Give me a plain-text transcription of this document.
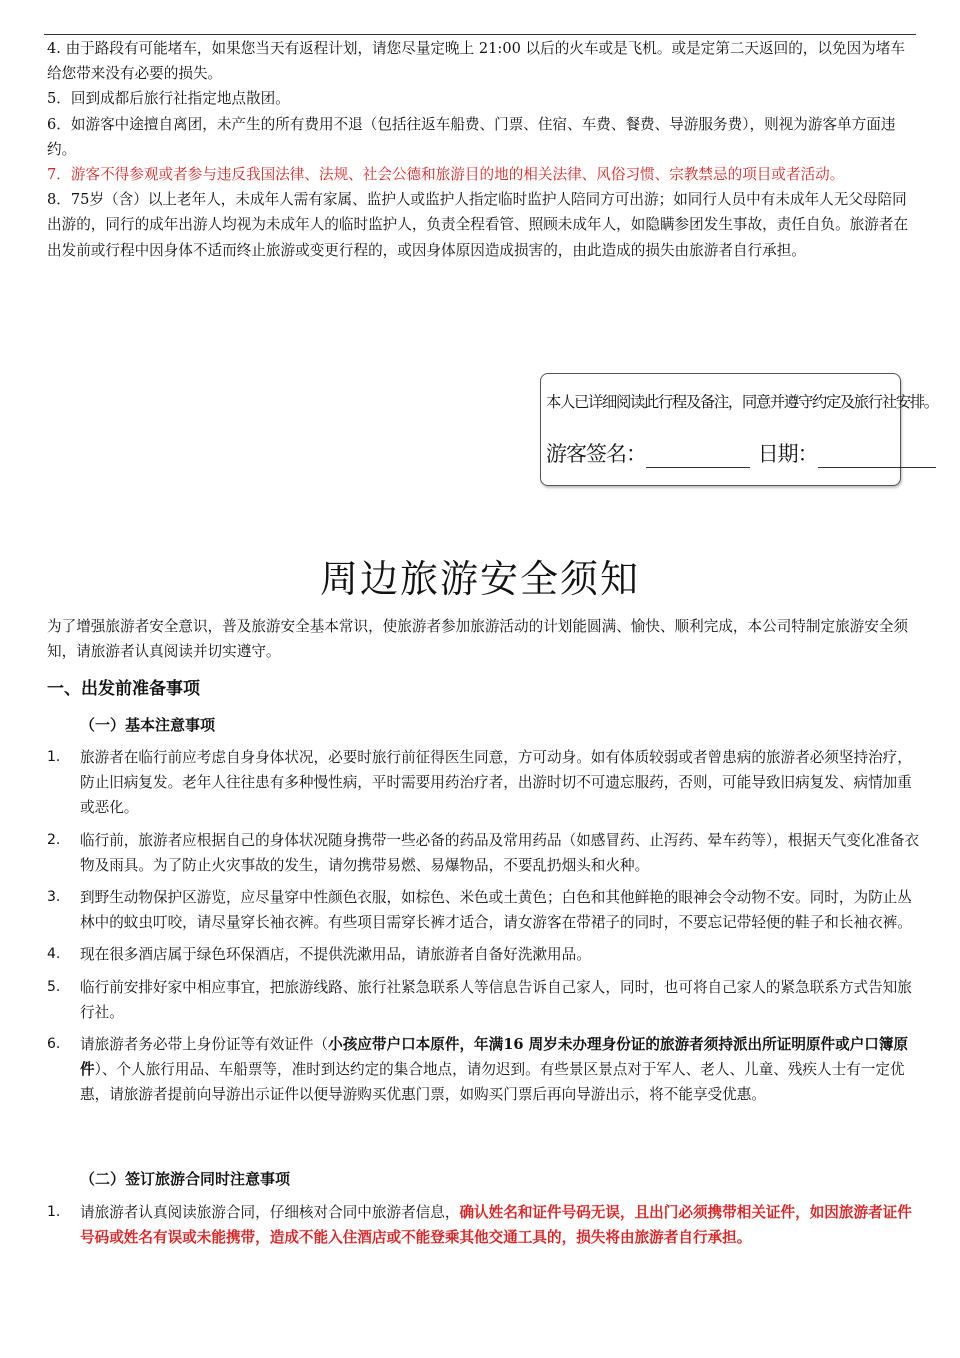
4. 由于路段有可能堵车，如果您当天有返程计划，请您尽量定晚上 21:00 以后的火车或是飞机。或是定第二天返回的，以免因为堵车给您带来没有必要的损失。

5．回到成都后旅行社指定地点散团。

6．如游客中途擅自离团，未产生的所有费用不退（包括往返车船费、门票、住宿、车费、餐费、导游服务费），则视为游客单方面违约。

7．游客不得参观或者参与违反我国法律、法规、社会公德和旅游目的地的相关法律、风俗习惯、宗教禁忌的项目或者活动。

8．75岁（含）以上老年人，未成年人需有家属、监护人或监护人指定临时监护人陪同方可出游；如同行人员中有未成年人无父母陪同出游的，同行的成年出游人均视为未成年人的临时监护人，负责全程看管、照顾未成年人，如隐瞒参团发生事故，责任自负。旅游者在出发前或行程中因身体不适而终止旅游或变更行程的，或因身体原因造成损害的，由此造成的损失由旅游者自行承担。

本人已详细阅读此行程及备注，同意并遵守约定及旅行社安排。
游客签名：	日期：
周边旅游安全须知

为了增强旅游者安全意识，普及旅游安全基本常识，使旅游者参加旅游活动的计划能圆满、愉快、顺利完成，本公司特制定旅游安全须知，请旅游者认真阅读并切实遵守。

一、出发前准备事项
（一）基本注意事项
1. 旅游者在临行前应考虑自身身体状况，必要时旅行前征得医生同意，方可动身。如有体质较弱或者曾患病的旅游者必须坚持治疗，防止旧病复发。老年人往往患有多种慢性病，平时需要用药治疗者，出游时切不可遗忘服药，否则，可能导致旧病复发、病情加重或恶化。
2. 临行前，旅游者应根据自己的身体状况随身携带一些必备的药品及常用药品（如感冒药、止泻药、晕车药等），根据天气变化准备衣物及雨具。为了防止火灾事故的发生，请勿携带易燃、易爆物品，不要乱扔烟头和火种。
3. 到野生动物保护区游览，应尽量穿中性颜色衣服，如棕色、米色或土黄色；白色和其他鲜艳的眼神会令动物不安。同时，为防止丛林中的蚊虫叮咬，请尽量穿长袖衣裤。有些项目需穿长裤才适合，请女游客在带裙子的同时，不要忘记带轻便的鞋子和长袖衣裤。
4. 现在很多酒店属于绿色环保酒店，不提供洗漱用品，请旅游者自备好洗漱用品。
5. 临行前安排好家中相应事宜，把旅游线路、旅行社紧急联系人等信息告诉自己家人，同时，也可将自己家人的紧急联系方式告知旅行社。
6. 请旅游者务必带上身份证等有效证件（小孩应带户口本原件，年满16 周岁未办理身份证的旅游者须持派出所证明原件或户口簿原件）、个人旅行用品、车船票等，准时到达约定的集合地点，请勿迟到。有些景区景点对于军人、老人、儿童、残疾人士有一定优惠，请旅游者提前向导游出示证件以便导游购买优惠门票，如购买门票后再向导游出示，将不能享受优惠。
（二）签订旅游合同时注意事项
1. 请旅游者认真阅读旅游合同，仔细核对合同中旅游者信息，确认姓名和证件号码无误，且出门必须携带相关证件，如因旅游者证件号码或姓名有误或未能携带，造成不能入住酒店或不能登乘其他交通工具的，损失将由旅游者自行承担。
